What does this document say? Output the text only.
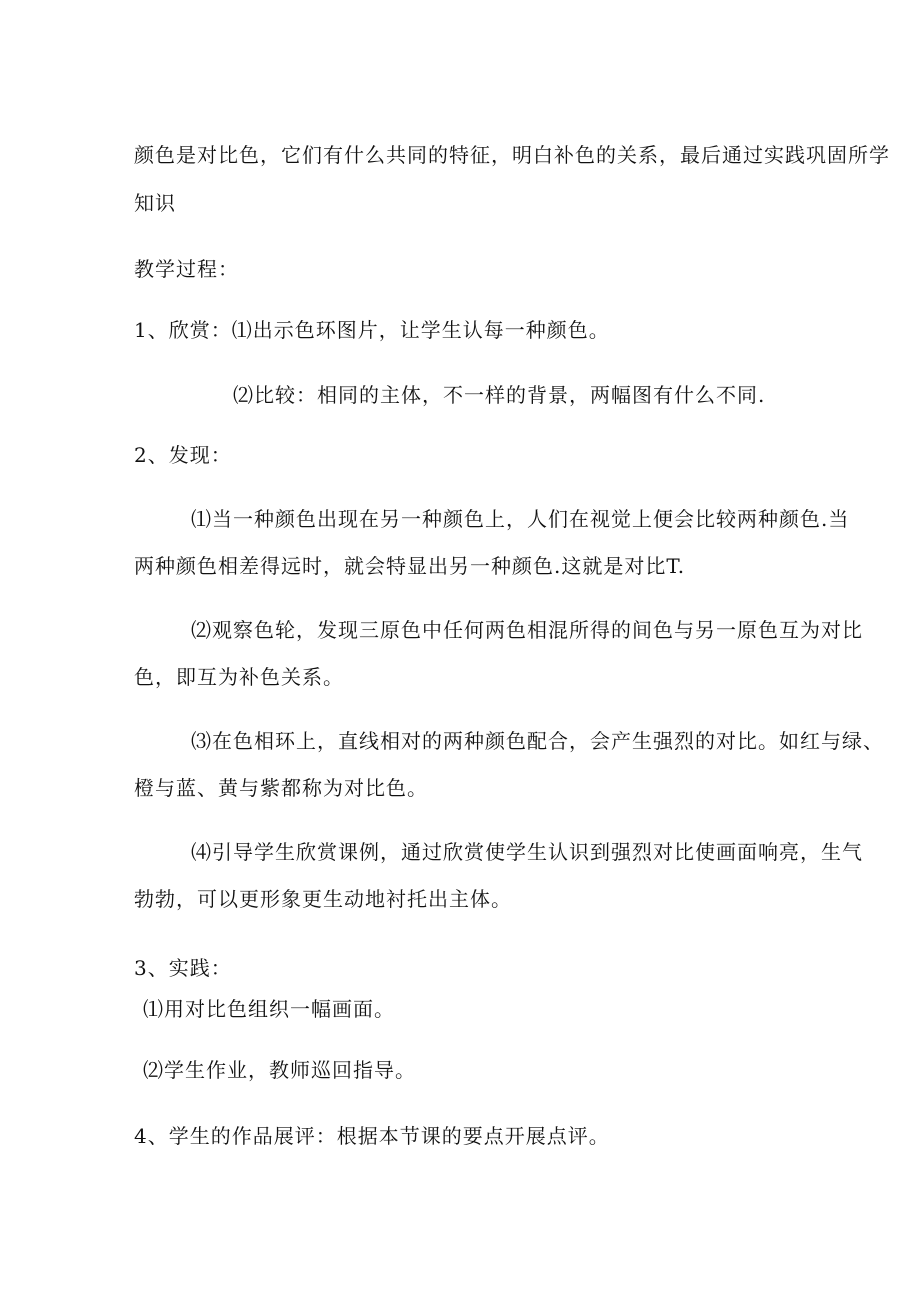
颜色是对比色，它们有什么共同的特征，明白补色的关系，最后通过实践巩固所学
知识
教学过程：
1、欣赏：⑴出示色环图片，让学生认每一种颜色。
⑵比较：相同的主体，不一样的背景，两幅图有什么不同.
2、发现：
⑴当一种颜色出现在另一种颜色上，人们在视觉上便会比较两种颜色.当
两种颜色相差得远时，就会特显出另一种颜色.这就是对比T.
⑵观察色轮，发现三原色中任何两色相混所得的间色与另一原色互为对比
色，即互为补色关系。
⑶在色相环上，直线相对的两种颜色配合，会产生强烈的对比。如红与绿、
橙与蓝、黄与紫都称为对比色。
⑷引导学生欣赏课例，通过欣赏使学生认识到强烈对比使画面响亮，生气
勃勃，可以更形象更生动地衬托出主体。
3、实践：
⑴用对比色组织一幅画面。
⑵学生作业，教师巡回指导。
4、学生的作品展评：根据本节课的要点开展点评。
